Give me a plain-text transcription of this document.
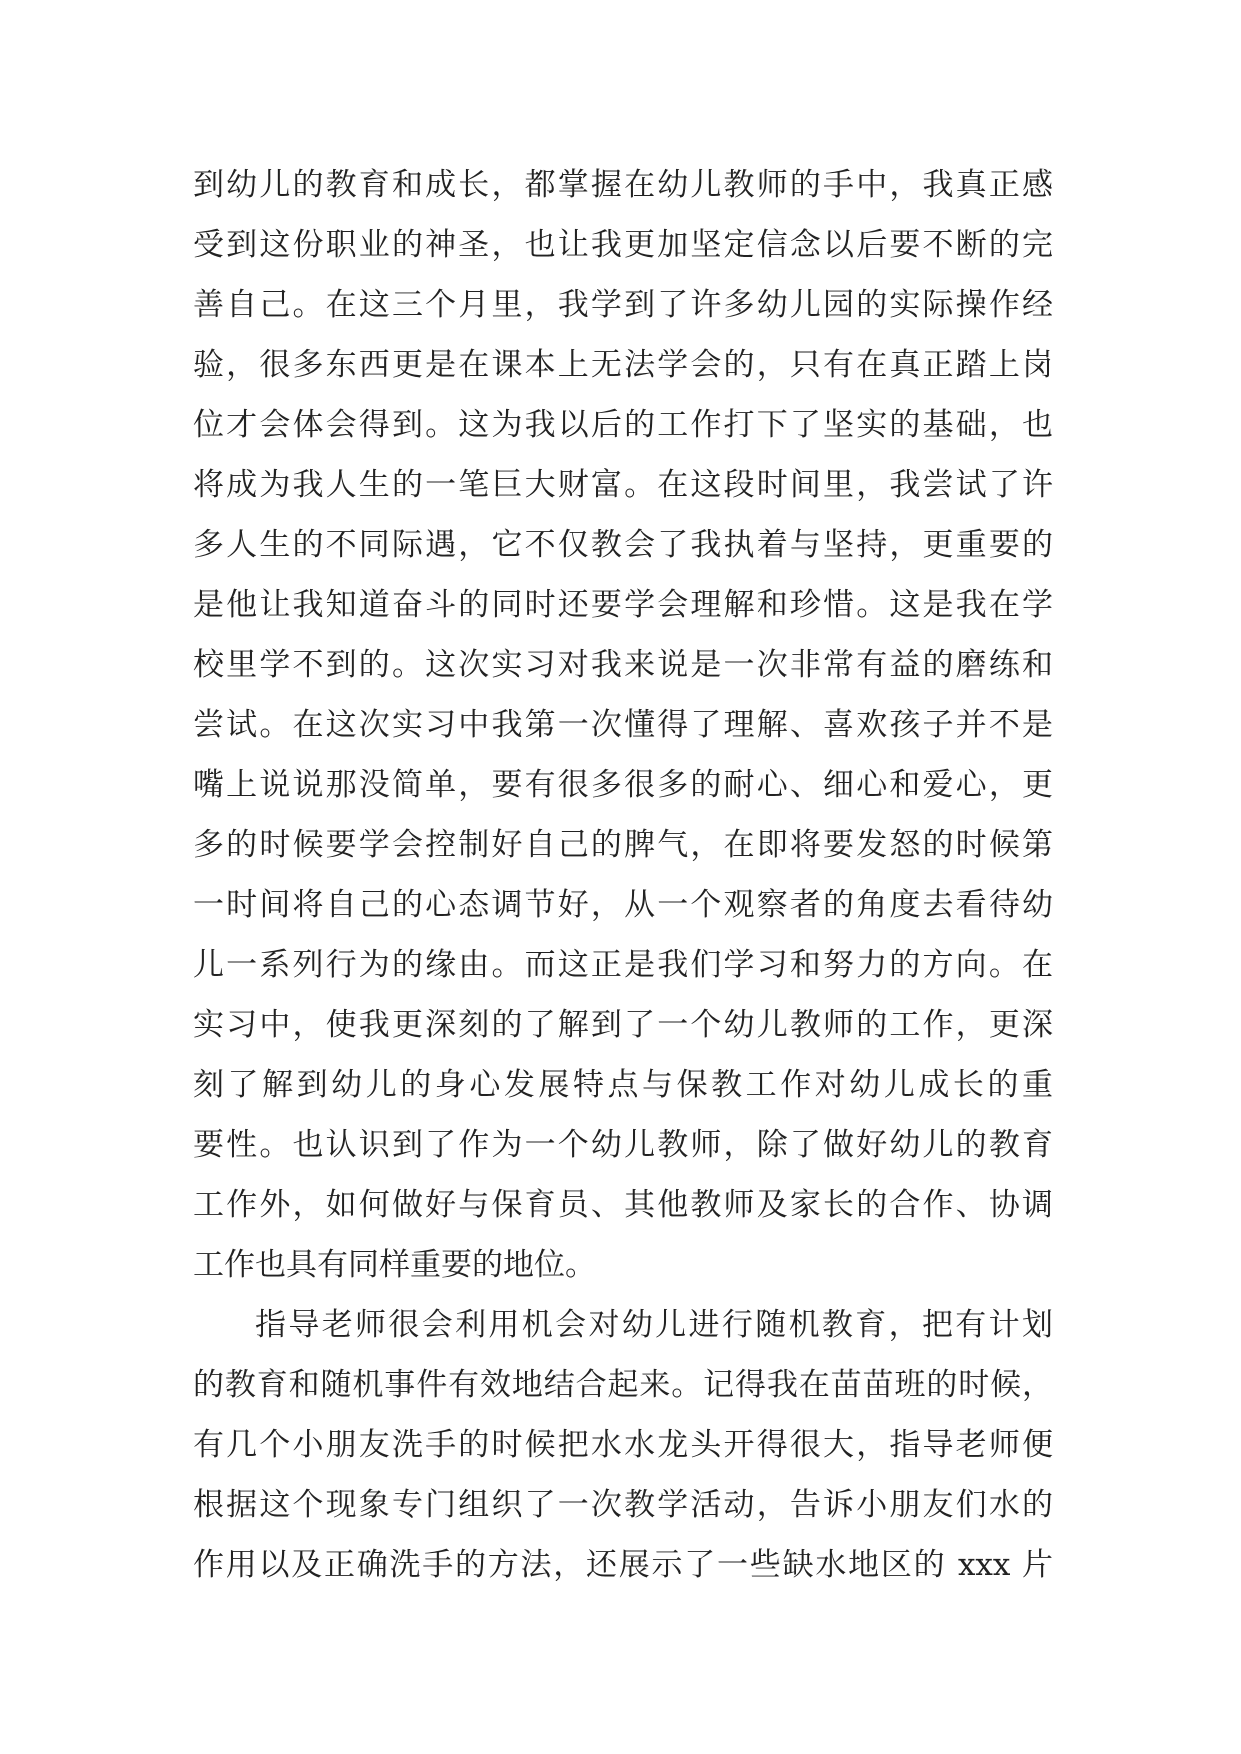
到幼儿的教育和成长，都掌握在幼儿教师的手中，我真正感
受到这份职业的神圣，也让我更加坚定信念以后要不断的完
善自己。在这三个月里，我学到了许多幼儿园的实际操作经
验，很多东西更是在课本上无法学会的，只有在真正踏上岗
位才会体会得到。这为我以后的工作打下了坚实的基础，也
将成为我人生的一笔巨大财富。在这段时间里，我尝试了许
多人生的不同际遇，它不仅教会了我执着与坚持，更重要的
是他让我知道奋斗的同时还要学会理解和珍惜。这是我在学
校里学不到的。这次实习对我来说是一次非常有益的磨练和
尝试。在这次实习中我第一次懂得了理解、喜欢孩子并不是
嘴上说说那没简单，要有很多很多的耐心、细心和爱心，更
多的时候要学会控制好自己的脾气，在即将要发怒的时候第
一时间将自己的心态调节好，从一个观察者的角度去看待幼
儿一系列行为的缘由。而这正是我们学习和努力的方向。在
实习中，使我更深刻的了解到了一个幼儿教师的工作，更深
刻了解到幼儿的身心发展特点与保教工作对幼儿成长的重
要性。也认识到了作为一个幼儿教师，除了做好幼儿的教育
工作外，如何做好与保育员、其他教师及家长的合作、协调
工作也具有同样重要的地位。
指导老师很会利用机会对幼儿进行随机教育，把有计划
的教育和随机事件有效地结合起来。记得我在苗苗班的时候，
有几个小朋友洗手的时候把水水龙头开得很大，指导老师便
根据这个现象专门组织了一次教学活动，告诉小朋友们水的
作用以及正确洗手的方法，还展示了一些缺水地区的 xxx 片
